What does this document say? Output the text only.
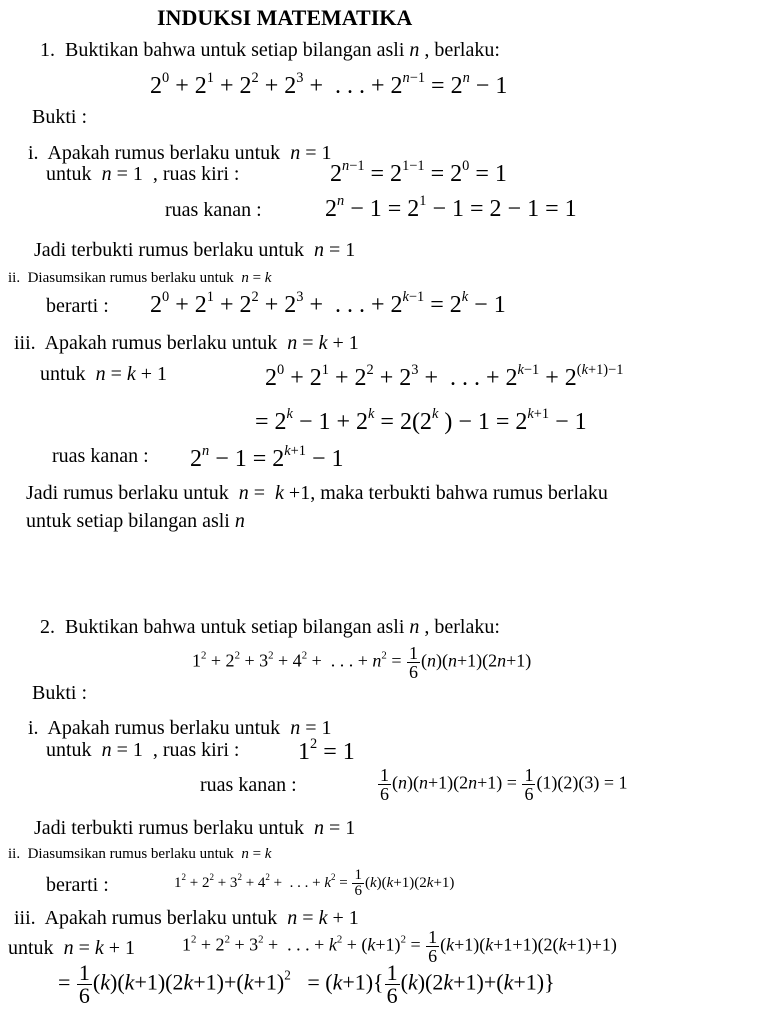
INDUKSI MATEMATIKA
1.  Buktikan bahwa untuk setiap bilangan asli n , berlaku:
$2^0 + 2^1 + 2^2 + 2^3$ +  . . . + $2^{n-1} = 2^n - 1$
Bukti :
i.  Apakah rumus berlaku untuk  n = 1
untuk  n = 1  , ruas kiri :	$2^{n-1} = 2^{1-1} = 2^0 = 1$
ruas kanan :	$2^n - 1 = 2^1 - 1 = 2 - 1 = 1$
Jadi terbukti rumus berlaku untuk  n = 1
ii.  Diasumsikan rumus berlaku untuk  n = k
berarti : $2^0 + 2^1 + 2^2 + 2^3$ +  . . . + $2^{k-1} = 2^k - 1$
iii.  Apakah rumus berlaku untuk  n = k + 1
untuk  n = k + 1	$2^0 + 2^1 + 2^2 + 2^3$ +  . . . + $2^{k-1} + 2^{(k+1)-1}$
= $2^k - 1 + 2^k = 2(2^k$ ) − $1 = 2^{k+1} - 1$
ruas kanan : $2^n - 1 = 2^{k+1} - 1$
Jadi rumus berlaku untuk  n =  k +1, maka terbukti bahwa rumus berlaku
untuk setiap bilangan asli n
2.  Buktikan bahwa untuk setiap bilangan asli n , berlaku:
$1^2 + 2^2 + 3^2 + 4^2$ +  . . . + $n^2 = \frac{1}{6} (n)(n+1)(2n+1)$
Bukti :
i.  Apakah rumus berlaku untuk  n = 1
untuk  n = 1  , ruas kiri : $1^2 = 1$
ruas kanan :	$\frac{1}{6} (n)(n+1)(2n+1) = \frac{1}{6} (1)(2)(3) = 1$
Jadi terbukti rumus berlaku untuk  n = 1
ii.  Diasumsikan rumus berlaku untuk  n = k
berarti :	$1^2 + 2^2 + 3^2 + 4^2$ +  . . . + $k^2 = \frac{1}{6} (k)(k+1)(2k+1)$
iii.  Apakah rumus berlaku untuk  n = k + 1
untuk  n = k + 1	$1^2 + 2^2 + 3^2$ +  . . . + $k^2 + (k+1)^2 = \frac{1}{6} (k+1)(k+1+1)(2(k+1)+1)$
= $\frac{1}{6} (k)(k+1)(2k+1)+(k+1)^2 = (k+1)\{ \frac{1}{6} (k)(2k+1)+(k+1)\}$
